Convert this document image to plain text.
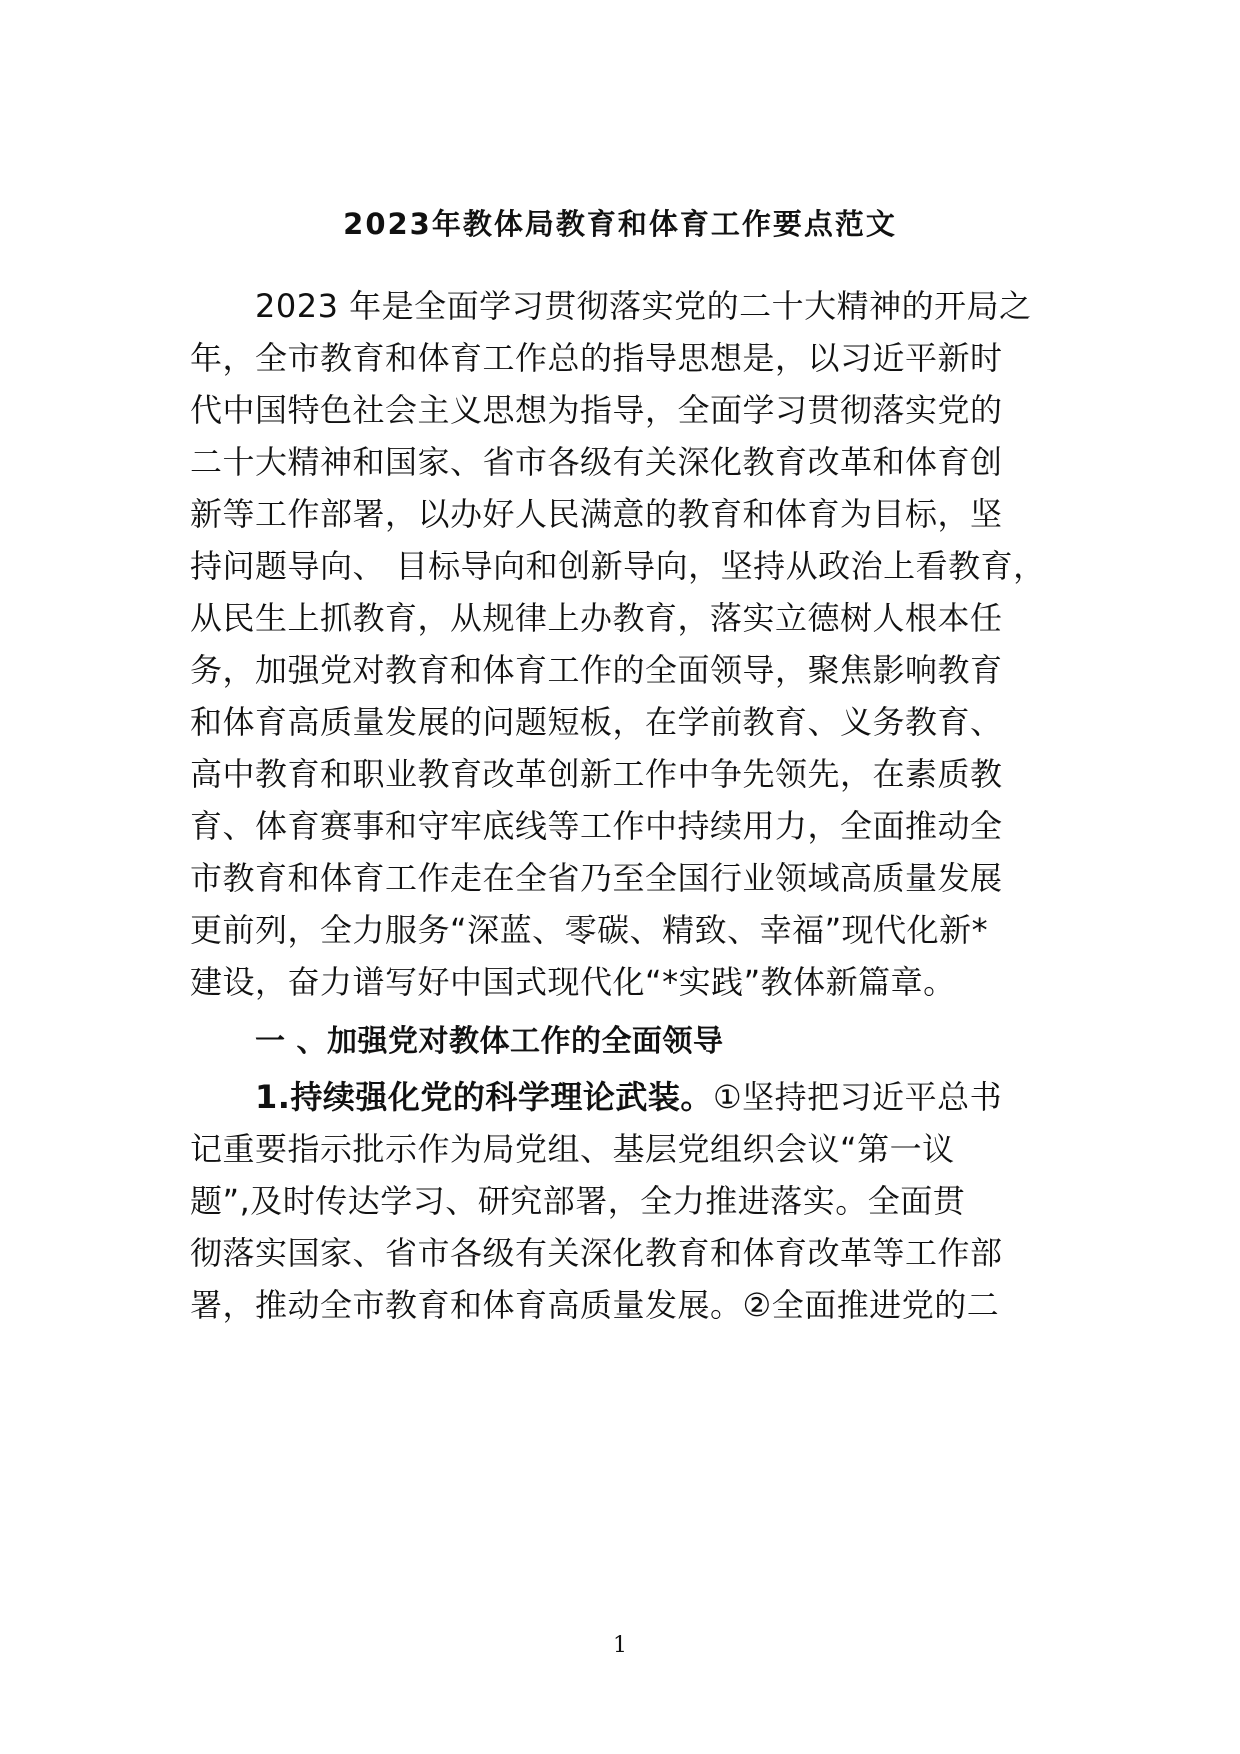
2023年教体局教育和体育工作要点范文
2023 年是全面学习贯彻落实党的二十大精神的开局之
年，全市教育和体育工作总的指导思想是，以习近平新时
代中国特色社会主义思想为指导，全面学习贯彻落实党的
二十大精神和国家、省市各级有关深化教育改革和体育创
新等工作部署，以办好人民满意的教育和体育为目标，坚
持问题导向、 目标导向和创新导向，坚持从政治上看教育，
从民生上抓教育，从规律上办教育，落实立德树人根本任
务，加强党对教育和体育工作的全面领导，聚焦影响教育
和体育高质量发展的问题短板，在学前教育、义务教育、
高中教育和职业教育改革创新工作中争先领先，在素质教
育、体育赛事和守牢底线等工作中持续用力，全面推动全
市教育和体育工作走在全省乃至全国行业领域高质量发展
更前列，全力服务“深蓝、零碳、精致、幸福”现代化新*
建设，奋力谱写好中国式现代化“*实践”教体新篇章。
一 、加强党对教体工作的全面领导
1.持续强化党的科学理论武装。①坚持把习近平总书
记重要指示批示作为局党组、基层党组织会议“第一议
题”,及时传达学习、研究部署，全力推进落实。全面贯
彻落实国家、省市各级有关深化教育和体育改革等工作部
署，推动全市教育和体育高质量发展。②全面推进党的二
1
